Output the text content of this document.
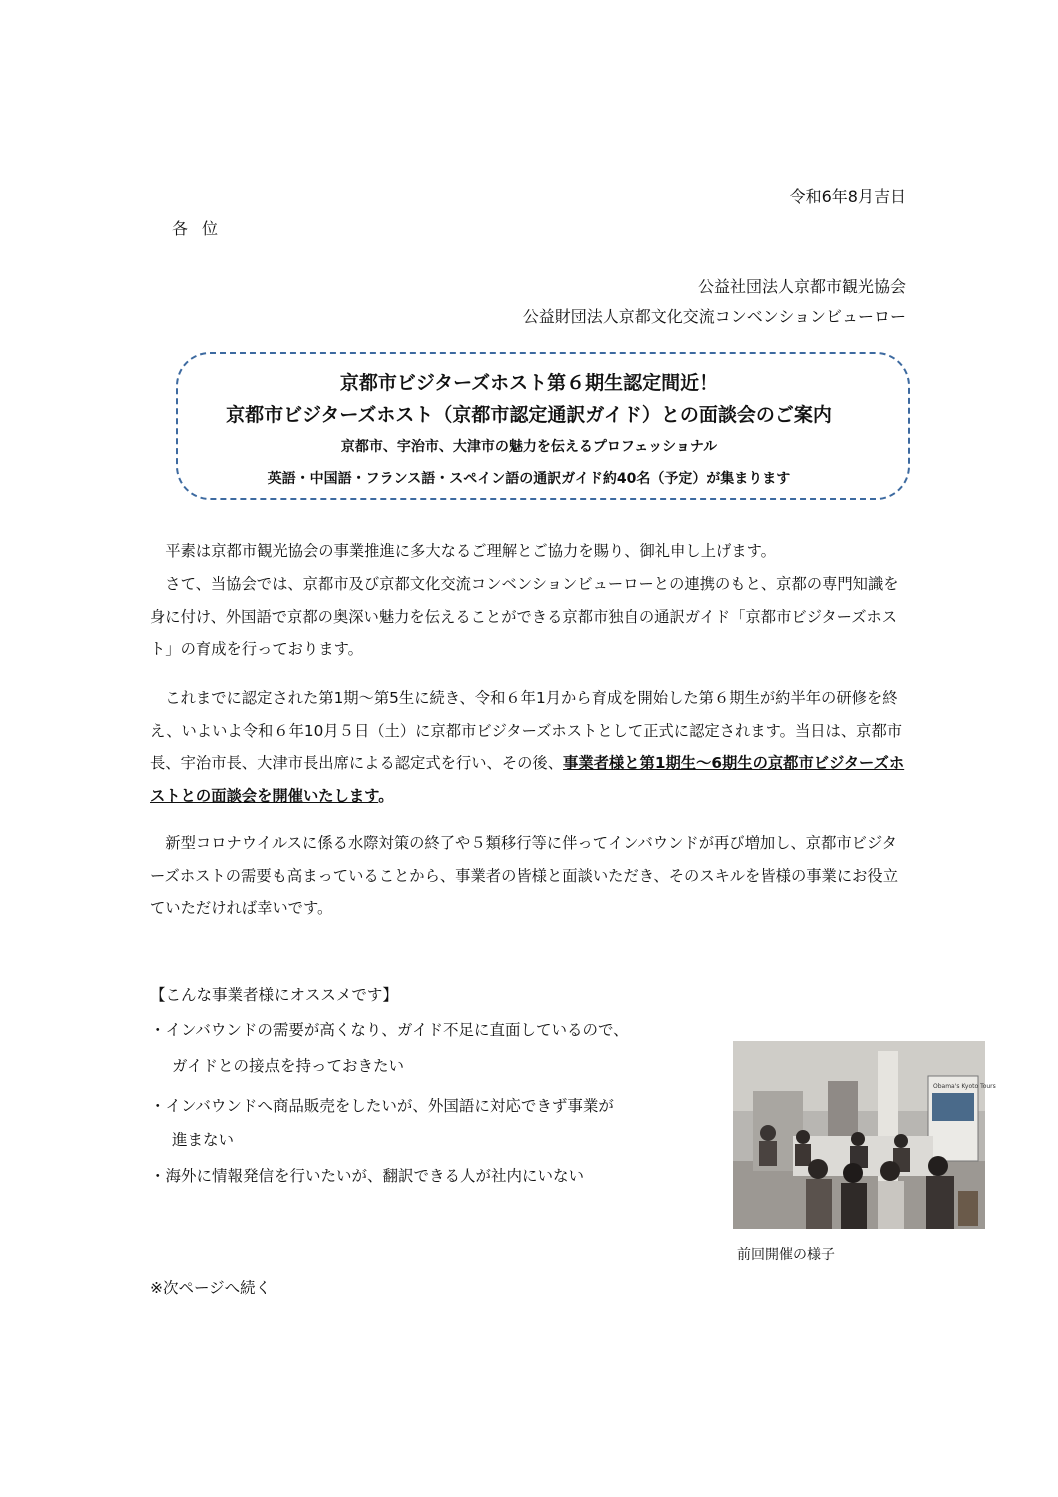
令和6年8月吉日
各位
公益社団法人京都市観光協会
公益財団法人京都文化交流コンベンションビューロー
京都市ビジターズホスト第６期生認定間近！
京都市ビジターズホスト（京都市認定通訳ガイド）との面談会のご案内
京都市、宇治市、大津市の魅力を伝えるプロフェッショナル
英語・中国語・フランス語・スペイン語の通訳ガイド約40名（予定）が集まります

平素は京都市観光協会の事業推進に多大なるご理解とご協力を賜り、御礼申し上げます。

さて、当協会では、京都市及び京都文化交流コンベンションビューローとの連携のもと、京都の専門知識を身に付け、外国語で京都の奥深い魅力を伝えることができる京都市独自の通訳ガイド「京都市ビジターズホスト」の育成を行っております。

これまでに認定された第1期～第5生に続き、令和６年1月から育成を開始した第６期生が約半年の研修を終え、いよいよ令和６年10月５日（土）に京都市ビジターズホストとして正式に認定されます。当日は、京都市長、宇治市長、大津市長出席による認定式を行い、その後、事業者様と第1期生～6期生の京都市ビジターズホストとの面談会を開催いたします。

新型コロナウイルスに係る水際対策の終了や５類移行等に伴ってインバウンドが再び増加し、京都市ビジターズホストの需要も高まっていることから、事業者の皆様と面談いただき、そのスキルを皆様の事業にお役立ていただければ幸いです。

【こんな事業者様にオススメです】
・インバウンドの需要が高くなり、ガイド不足に直面しているので、
ガイドとの接点を持っておきたい
・インバウンドへ商品販売をしたいが、外国語に対応できず事業が
進まない
・海外に情報発信を行いたいが、翻訳できる人が社内にいない
Obama's Kyoto Tours
前回開催の様子
※次ページへ続く
